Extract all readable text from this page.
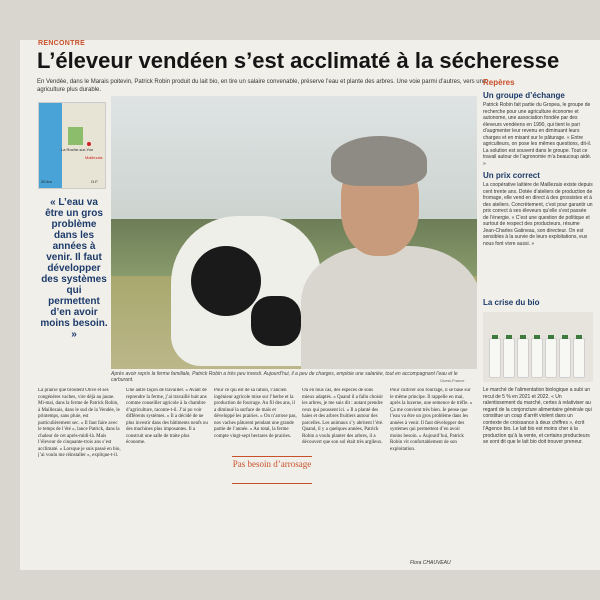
RENCONTRE
L’éleveur vendéen s’est acclimaté à la sécheresse
En Vendée, dans le Marais poitevin, Patrick Robin produit du lait bio, en tire un salaire convenable, préserve l’eau et plante des arbres. Une voie parmi d’autres, vers une agriculture plus durable.
La Roche-sur-Yon
Maillezais
20 km	O.F.
« L’eau va être un gros problème dans les années à venir. Il faut développer des systèmes qui permettent d’en avoir moins besoin. »
Après avoir repris la ferme familiale, Patrick Robin a très peu investi. Aujourd’hui, il a peu de charges, emploie une salariée, tout en accompagnant l’eau et le carburant.	Ouest-France
Repères
Un groupe d’échange

Patrick Robin fait partie du Gropea, le groupe de recherche pour une agriculture économe et autonome, une association fondée par des éleveurs vendéens en 1990, qui tient le pari d’augmenter leur revenu en diminuant leurs charges et en misant sur le pâturage. « Entre agriculteurs, on pose les mêmes questions, dit-il. La solution est souvent dans le groupe. Tout ce travail autour de l’agronomie m’a beaucoup aidé. »

Un prix correct

La coopérative laitière de Maillezais existe depuis cent trente ans. Dotée d’ateliers de production de fromage, elle vend en direct à des grossistes et à des ateliers. Concrètement, c’est pour garantir un prix correct à ses éleveurs qu’elle s’est passée de l’énergie. « C’est une question de politique et surtout de respect des producteurs, résume Jean-Charles Gatineau, son directeur. On est sensibles à la survie de leurs exploitations, eux nous font vivre aussi. »

La crise du bio
Le marché de l’alimentation biologique a subi un recul de 5 % en 2021 et 2022. « Un ralentissement du marché, certes à relativiser au regard de la conjoncture alimentaire générale qui constitue un coup d’arrêt violent dans un contexte de croissance à deux chiffres », écrit l’Agence bio. Le lait bio est moins cher à la production qu’à la vente, et certains producteurs se sont dit que le lait bio doit trouver preneur.
La prairie que broutent Olive et ses congénères vaches, vire déjà au jaune. Mi-mai, dans la ferme de Patrick Robin, à Maillezais, dans le sud de la Vendée, le printemps, sans pluie, est particulièrement sec. « Il faut faire avec le temps de l’été », lance Patrick, dans la chaleur de cet après-midi-là. Mais l’éleveur de cinquante-trois ans s’est acclimaté. « Lorsque je suis passé en bio, j’ai voulu me réinstaller », explique-t-il.
Une autre façon de travailler. « Avant de reprendre la ferme, j’ai travaillé huit ans comme conseiller agricole à la chambre d’agriculture, raconte-t-il. J’ai pu voir différents systèmes. » Il a décidé de ne plus investir dans des bâtiments neufs ou des machines plus imposantes. Il a construit une salle de traite plus économe.
Pour ce qui est de sa ration, l’ancien ingénieur agricole mise sur l’herbe et la production de fourrage. Au fil des ans, il a diminué la surface de maïs et développé les prairies. « On n’arrose pas, nos vaches pâturent pendant une grande partie de l’année. » Au total, la ferme compte vingt-sept hectares de prairies.
Ou en tous cas, des espèces de sons mieux adaptés. « Quand il a fallu choisir les arbres, je me suis dit : autant prendre ceux qui poussent ici. » Il a planté des haies et des arbres fruitiers autour des parcelles. Les animaux s’y abritent l’été. Quand, il y a quelques années, Patrick Robin a voulu planter des arbres, il a découvert que son sol était très argileux.
Pour cultiver son fourrage, il se base sur le même principe. Il rappelle en mai, après la luzerne, une semence de trèfle. « Ça me convient très bien. Je pense que l’eau va être un gros problème dans les années à venir. Il faut développer des systèmes qui permettent d’en avoir moins besoin. » Aujourd’hui, Patrick Robin vit confortablement de son exploitation.
Pas besoin d’arrosage
Flora CHAUVEAU
